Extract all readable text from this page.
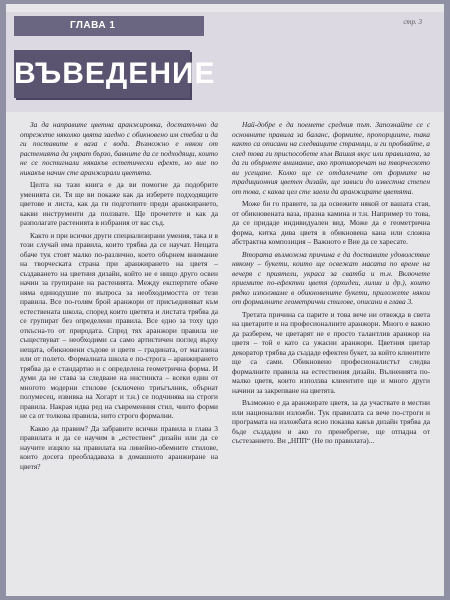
ГЛАВА 1
ВЪВЕДЕНИЕ
стр. 3

За да направите цветна аранжировка, достатъчно да отрежете няколко цвята заедно с обикновено им стебла и да ги поставите в ваза с вода. Възможно е някои от растенията да умрат бързо, бавните да се подходящи, които не се постигнали някакъв естетически ефект, но вие по никакъв начин сте аранжирали цветята.

Целта на тази книга е да ви помогне да подобрите уменията си. Тя ще ви покаже как да изберете подходящите цветове и листа, как да ги подготвите преди аранжирането, какви инструменти да ползвате. Ще прочетете и как да разполагате растенията в избрания от вас съд.

Както и при всички други специализирани умения, така и в този случай има правила, които трябва да се научат. Нещата обаче тук стоят малко по-различно, което обърнем внимание на творческата страна при аранжирането на цветя – създаването на цветния дизайн, който не е нищо друго освен начин за групиране на растенията. Между експертите обаче няма единодушие по въпроса за необходимостта от тези правила. Все по-голям брой аранжори от присъединяват към естествената школа, според които цветята и листата трябва да се групират без определени правила. Все едно за тоху цдо откъсна-то от природата. Спред тях аранжори правила не съществуват – необходими са само артистичен поглед върху нещата, обикновени съдове и цветя – градината, от магазина или от полето. Формалната школа е по-строга – аранжирането трябва да е стандартно и с определена геометрична форма. И думи да не става за следване на инстинкта – всеки един от многото модерни стилове (сключено триъгълник, обърнат полумесец, извивка на Хогарт и т.н.) се подчинява на строги правила. Накрая идва ред на съвременния стил, чиито форми не са от толкова правила, нито строго формални.

Какво да правим? Да забравите всички правила в глава 3 правилата и да се научим в „естествен“ дизайн или да се научите изцяло на правилата на линейно-обемните стилове, които досега преобладаваха в домашното аранжиране на цветя?

Най-добре е да поемете средния път. Запознайте се с основните правила за баланс, формите, пропорциите, така както са описани на следващите страници, и ги пробвайте, а след това ги приспособете към Вашия вкус или правилата, за да ги обърнете внимание, ако противоречат на творческото ви усещане. Колко ще се отдалечите от формите на традиционния цветен дизайн, ще зависи до известна степен от това, с каква цел сте заели да аранжирате цветята.

Може би го правите, за да освежите някой от вашата стая, от обикновената ваза, празна камина и т.н. Например то това, да се придаде индивидуален вид. Може да е геометрична форма, китка дива цветя в обикновена кана или сложна абстрактна композиция – Важното е Вие да се харесате.

Втората възможна причина е да доставите удоволствие някому – букети, които ще освежат масата по време на вечеря с приятели, украса за сватба и т.н. Включете приемите по-ефектни цветя (орхидеи, лилии и др.), които рядко използваме в обикновените букети, приложете някои от формалните геометрични стилове, описани в глава 3.

Третата причина са парите и това вече ни отвежда в света на цветарите и на професионалните аранжори. Много е важно да разберем, че цветарят не е просто талантлив аранжор на цветя – той е като са ужасни аранжори. Цветния цветар декоратор трябва да създаде ефектен букет, за който клиентите ще са сами. Обикновено професионалистът следва формалните правила на естествения дизайн. Вълненията по-малко цветя, които използва клиентите ще и много други начини за закрепване на цветята.

Възможно е да аранжирате цветя, за да участвате в местни или национални изложби. Тук правилата са вече по-строги и програмата на изложбата ясно показва какъв дизайн трябва да бъде създаден и ако го пренебрегне, ще отпадна от състезанието. Ви „НПП“ (Не по правилата)...
